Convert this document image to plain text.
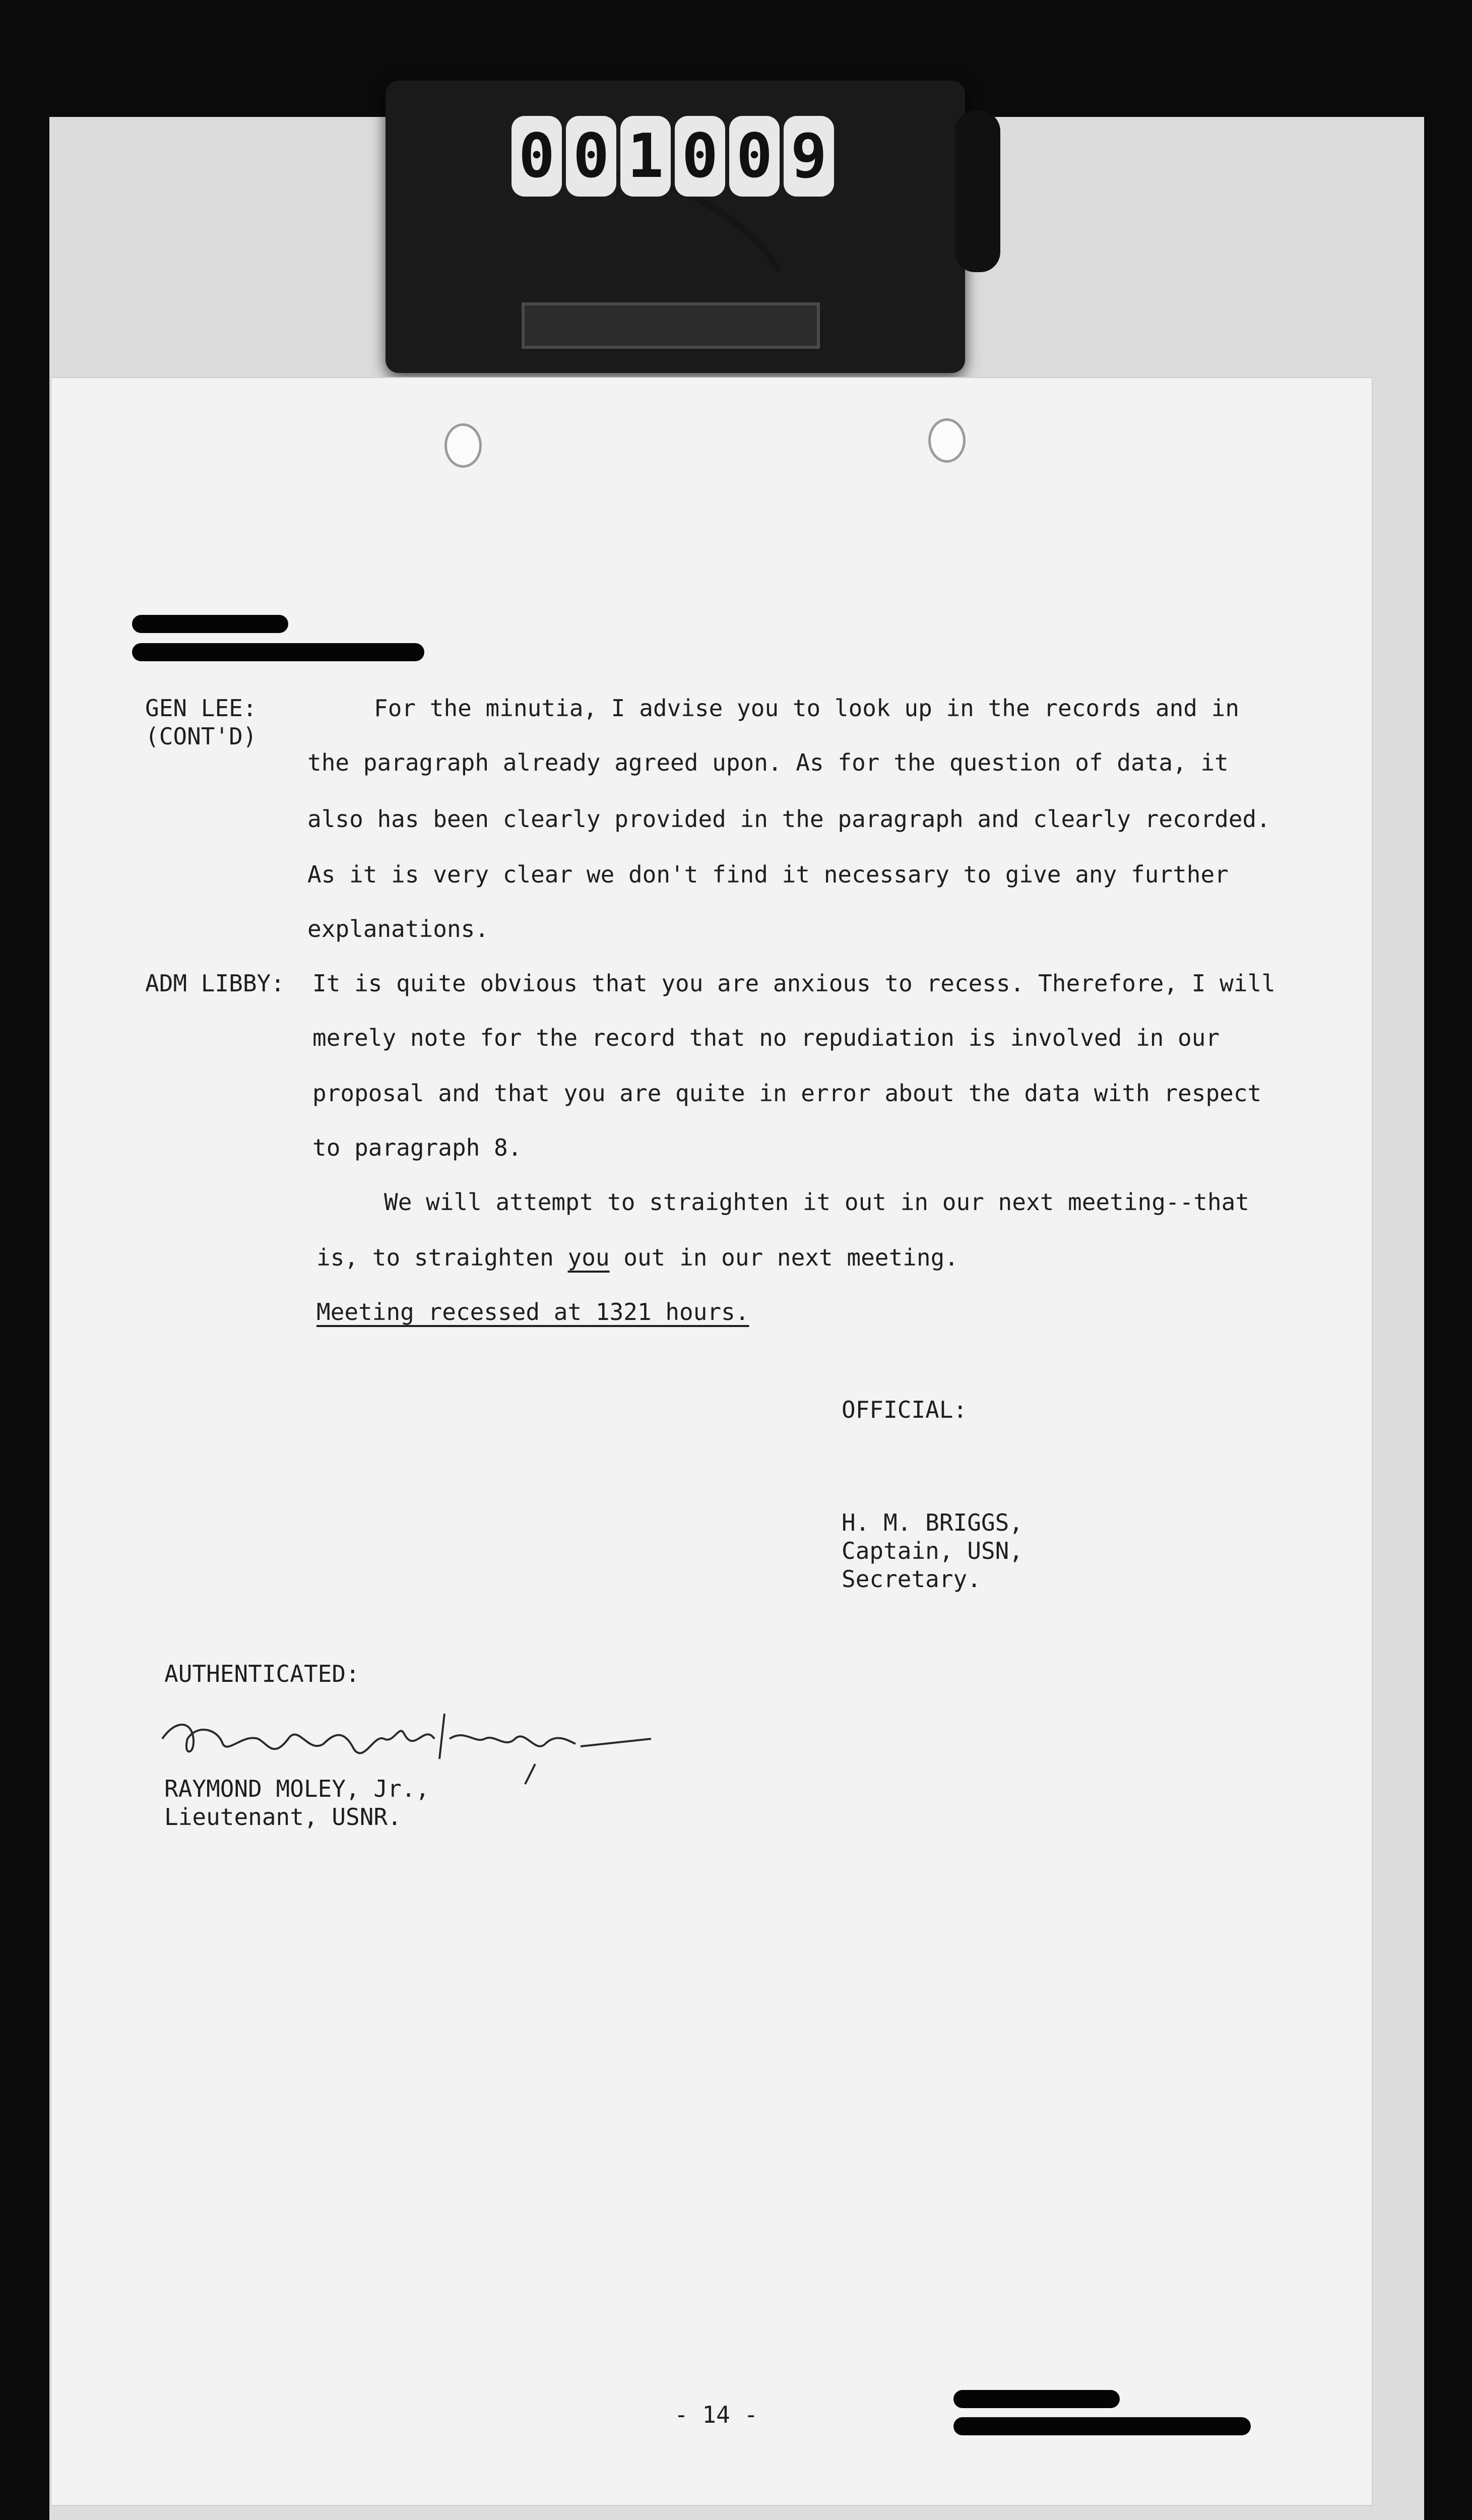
0 0 1 0 0 9
GEN LEE:
(CONT'D)
For the minutia, I advise you to look up in the records and in
the paragraph already agreed upon. As for the question of data, it
also has been clearly provided in the paragraph and clearly recorded.
As it is very clear we don't find it necessary to give any further
explanations.
ADM LIBBY: It is quite obvious that you are anxious to recess. Therefore, I will
merely note for the record that no repudiation is involved in our
proposal and that you are quite in error about the data with respect
to paragraph 8.
We will attempt to straighten it out in our next meeting--that
is, to straighten you out in our next meeting.
Meeting recessed at 1321 hours.
OFFICIAL:
H. M. BRIGGS,
Captain, USN,
Secretary.
AUTHENTICATED:
RAYMOND MOLEY, Jr.,
Lieutenant, USNR.
- 14 -
